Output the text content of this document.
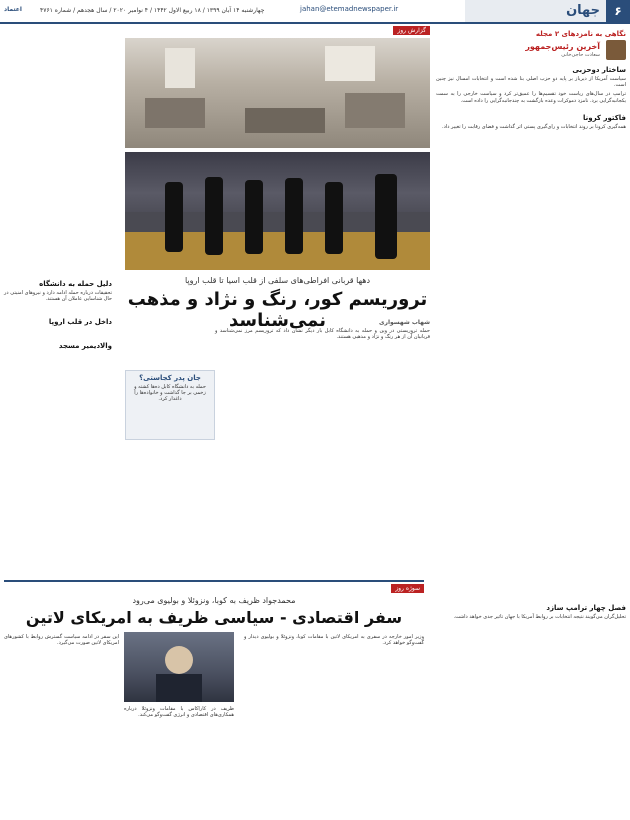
۶
جهان
jahan@etemadnewspaper.ir
چهارشنبه ۱۴ آبان ۱۳۹۹ / ۱۸ ربیع الاول ۱۴۴۲ / ۴ نوامبر ۲۰۲۰ / سال هجدهم / شماره ۴۷۶۱
اعتماد
نگاهی به نامزدهای ۲ مجله
آخرین رئیس‌جمهور
سعادت حاجی‌خانی
ساختار دوحزبی
سیاست آمریکا از دیرباز بر پایه دو حزب اصلی بنا شده است و انتخابات امسال نیز چنین است.
ترامپ در سال‌های ریاست خود تقسیم‌ها را عمیق‌تر کرد و سیاست خارجی را به سمت یکجانبه‌گرایی برد. نامزد دموکرات وعده بازگشت به چندجانبه‌گرایی را داده است.
فاکتور کرونا
همه‌گیری کرونا بر روند انتخابات و رای‌گیری پستی اثر گذاشت و فضای رقابت را تغییر داد.
فصل چهار ترامپ سازد
تحلیل‌گران می‌گویند نتیجه انتخابات بر روابط آمریکا با جهان تاثیر جدی خواهد داشت.
گزارش روز
دهها قربانی افراطی‌های سلفی از قلب اسیا تا قلب اروپا
تروریسم کور، رنگ و نژاد و مذهب نمی‌شناسد	شهاب شهسواری
حمله تروریستی در وین و حمله به دانشگاه کابل بار دیگر نشان داد که تروریسم مرز نمی‌شناسد و قربانیان آن از هر رنگ و نژاد و مذهبی هستند.
جان پدر کجاستی؟
حمله به دانشگاه کابل ده‌ها کشته و زخمی بر جا گذاشت و خانواده‌ها را داغدار کرد.
دلیل حمله به دانشگاه
تحقیقات درباره حمله ادامه دارد و نیروهای امنیتی در حال شناسایی عاملان آن هستند.
داخل در قلب اروپا
والادیمیر مسجد
سوژه روز
محمدجواد ظریف به کوبا، ونزوئلا و بولیوی می‌رود
سفر اقتصادی - سیاسی ظریف به امریکای لاتین
وزیر امور خارجه در سفری به امریکای لاتین با مقامات کوبا، ونزوئلا و بولیوی دیدار و گفت‌وگو خواهد کرد.
این سفر در ادامه سیاست گسترش روابط با کشورهای امریکای لاتین صورت می‌گیرد.
ظریف در کاراکاس با مقامات ونزوئلا درباره همکاری‌های اقتصادی و انرژی گفت‌وگو می‌کند.
